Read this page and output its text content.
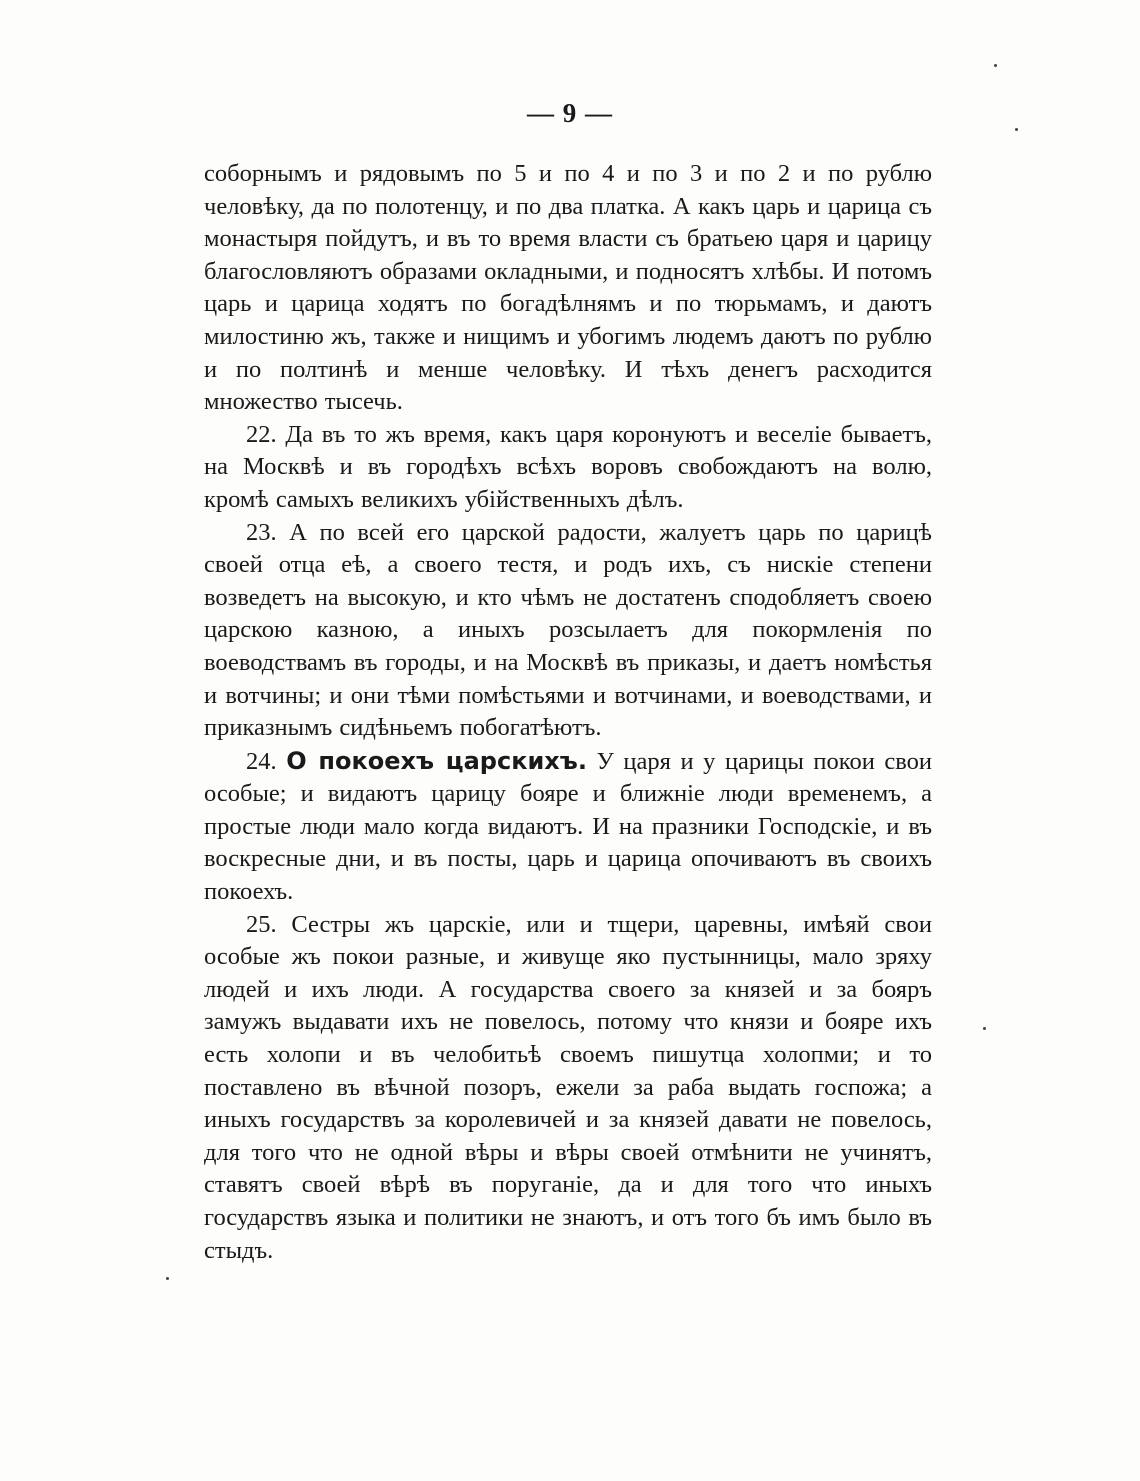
— 9 —

соборнымъ и рядовымъ по 5 и по 4 и по 3 и по 2 и по рублю человѣку, да по полотенцу, и по два платка. А какъ царь и царица съ монастыря пойдутъ, и въ то время власти съ братьею царя и царицу благословляютъ образами окладными, и подносятъ хлѣбы. И потомъ царь и царица ходятъ по богадѣлнямъ и по тюрьмамъ, и даютъ милостиню жъ, также и нищимъ и убогимъ людемъ даютъ по рублю и по полтинѣ и менше человѣку. И тѣхъ денегъ расходится множество тысечь.

22. Да въ то жъ время, какъ царя коронуютъ и веселіе бываетъ, на Москвѣ и въ городѣхъ всѣхъ воровъ свобождаютъ на волю, кромѣ самыхъ великихъ убійственныхъ дѣлъ.

23. А по всей его царской радости, жалуетъ царь по царицѣ своей отца еѣ, а своего тестя, и родъ ихъ, съ нискіе степени возведетъ на высокую, и кто чѣмъ не достатенъ сподобляетъ своею царскою казною, а иныхъ розсылаетъ для покормленія по воеводствамъ въ городы, и на Москвѣ въ приказы, и даетъ номѣстья и вотчины; и они тѣми помѣстьями и вотчинами, и воеводствами, и приказнымъ сидѣньемъ побогатѣютъ.

24. О покоехъ царскихъ. У царя и у царицы покои свои особые; и видаютъ царицу бояре и ближніе люди временемъ, а простые люди мало когда видаютъ. И на празники Господскіе, и въ воскресные дни, и въ посты, царь и царица опочиваютъ въ своихъ покоехъ.

25. Сестры жъ царскіе, или и тщери, царевны, имѣяй свои особые жъ покои разные, и живуще яко пустынницы, мало зряху людей и ихъ люди. А государства своего за князей и за бояръ замужъ выдавати ихъ не повелось, потому что князи и бояре ихъ есть холопи и въ челобитьѣ своемъ пишутца холопми; и то поставлено въ вѣчной позоръ, ежели за раба выдать госпожа; а иныхъ государствъ за королевичей и за князей давати не повелось, для того что не одной вѣры и вѣры своей отмѣнити не учинятъ, ставятъ своей вѣрѣ въ поруганіе, да и для того что иныхъ государствъ языка и политики не знаютъ, и отъ того бъ имъ было въ стыдъ.
